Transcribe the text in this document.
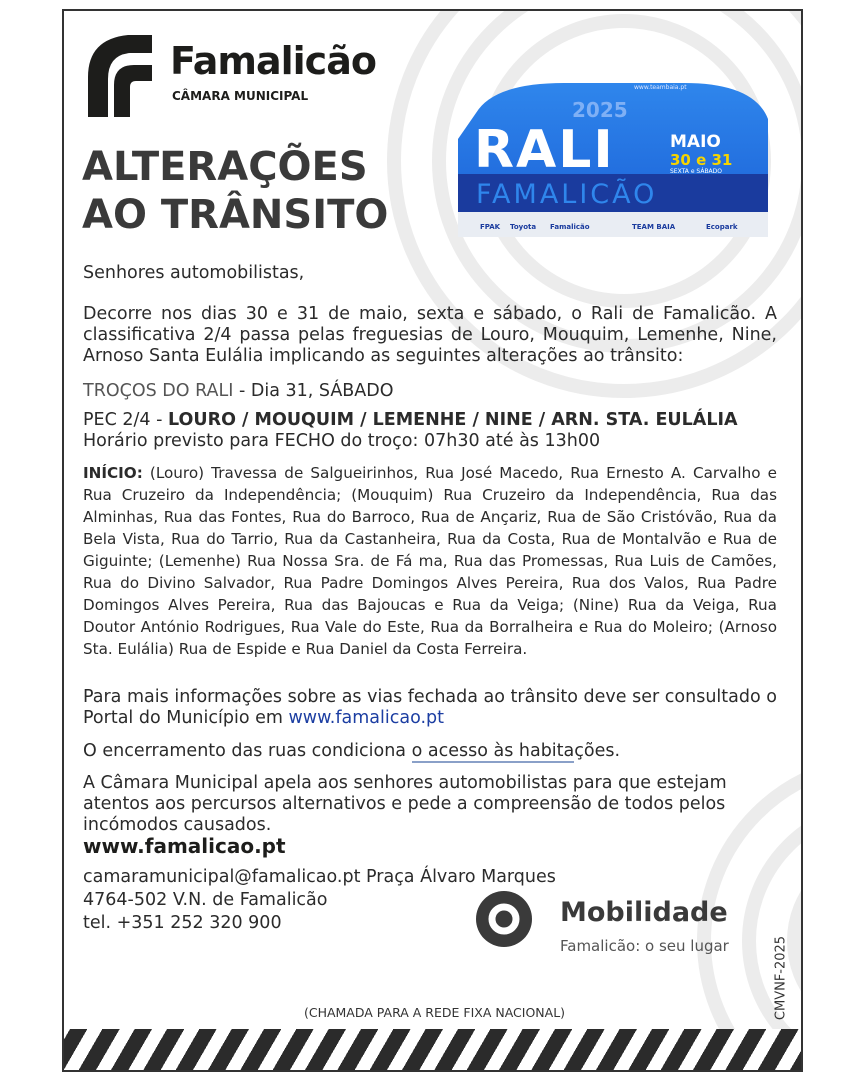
Famalicão
CÂMARA MUNICIPAL
ALTERAÇÕES
AO TRÂNSITO
www.teambaia.pt
2025
RALI	MAIO
30 e 31
SEXTA e SÁBADO
FAMALICÃO
FPAK Toyota Famalicão	TEAM BAIA	Ecopark
Senhores automobilistas,
Decorre nos dias 30 e 31 de maio, sexta e sábado, o Rali de Famalicão. A classificativa 2/4 passa pelas freguesias de Louro, Mouquim, Lemenhe, Nine, Arnoso Santa Eulália implicando as seguintes alterações ao trânsito:
TROÇOS DO RALI - Dia 31, SÁBADO
PEC 2/4 - LOURO / MOUQUIM / LEMENHE / NINE / ARN. STA. EULÁLIA
Horário previsto para FECHO do troço: 07h30 até às 13h00
INÍCIO: (Louro) Travessa de Salgueirinhos, Rua José Macedo, Rua Ernesto A. Carvalho e Rua Cruzeiro da Independência; (Mouquim) Rua Cruzeiro da Independência, Rua das Alminhas, Rua das Fontes, Rua do Barroco, Rua de Ançariz, Rua de São Cristóvão, Rua da Bela Vista, Rua do Tarrio, Rua da Castanheira, Rua da Costa, Rua de Montalvão e Rua de Giguinte; (Lemenhe) Rua Nossa Sra. de Fá ma, Rua das Promessas, Rua Luis de Camões, Rua do Divino Salvador, Rua Padre Domingos Alves Pereira, Rua dos Valos, Rua Padre Domingos Alves Pereira, Rua das Bajoucas e Rua da Veiga; (Nine) Rua da Veiga, Rua Doutor António Rodrigues, Rua Vale do Este, Rua da Borralheira e Rua do Moleiro; (Arnoso Sta. Eulália) Rua de Espide e Rua Daniel da Costa Ferreira.
Para mais informações sobre as vias fechada ao trânsito deve ser consultado o Portal do Município em www.famalicao.pt
O encerramento das ruas condiciona o acesso às habitações.
A Câmara Municipal apela aos senhores automobilistas para que estejam atentos aos percursos alternativos e pede a compreensão de todos pelos incómodos causados.
www.famalicao.pt
camaramunicipal@famalicao.pt Praça Álvaro Marques
4764-502 V.N. de Famalicão
tel. +351 252 320 900	Mobilidade
Famalicão: o seu lugar	CMVNF-2025
(CHAMADA PARA A REDE FIXA NACIONAL)
